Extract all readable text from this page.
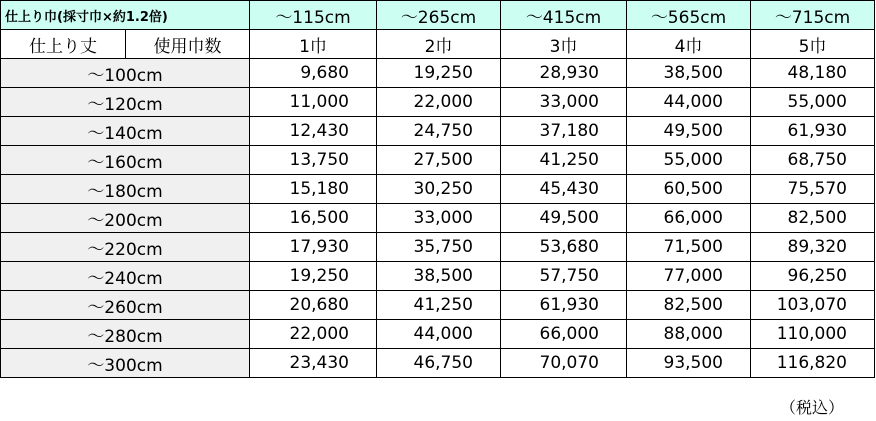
仕上り巾(採寸巾×約1.2倍)		～115cm	～265cm	～415cm	～565cm	～715cm
仕上り丈	使用巾数	1巾	2巾	3巾	4巾	5巾
～100cm		9,680	19,250	28,930	38,500	48,180
～120cm		11,000	22,000	33,000	44,000	55,000
～140cm		12,430	24,750	37,180	49,500	61,930
～160cm		13,750	27,500	41,250	55,000	68,750
～180cm		15,180	30,250	45,430	60,500	75,570
～200cm		16,500	33,000	49,500	66,000	82,500
～220cm		17,930	35,750	53,680	71,500	89,320
～240cm		19,250	38,500	57,750	77,000	96,250
～260cm		20,680	41,250	61,930	82,500	103,070
～280cm		22,000	44,000	66,000	88,000	110,000
～300cm		23,430	46,750	70,070	93,500	116,820
（税込）
